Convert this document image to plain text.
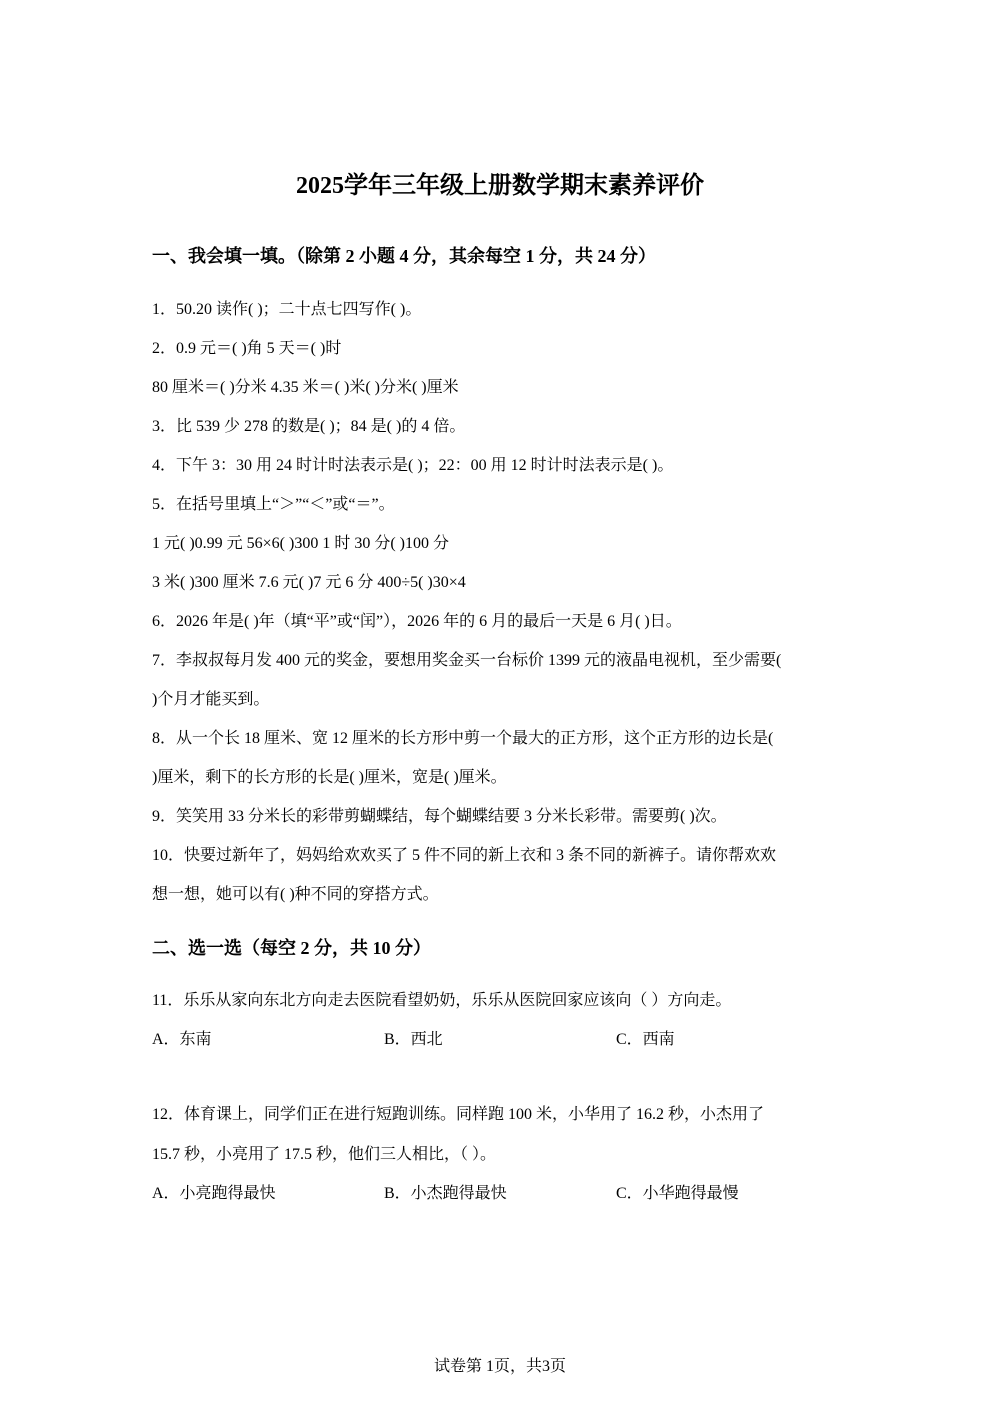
2025学年三年级上册数学期末素养评价
一、我会填一填。（除第 2 小题 4 分，其余每空 1 分，共 24 分）
1．50.20 读作( )；二十点七四写作( )。
2．0.9 元＝( )角 5 天＝( )时
80 厘米＝( )分米 4.35 米＝( )米( )分米( )厘米
3．比 539 少 278 的数是( )；84 是( )的 4 倍。
4．下午 3：30 用 24 时计时法表示是( )；22：00 用 12 时计时法表示是( )。
5．在括号里填上“＞”“＜”或“＝”。
1 元( )0.99 元 56×6( )300 1 时 30 分( )100 分
3 米( )300 厘米 7.6 元( )7 元 6 分 400÷5( )30×4
6．2026 年是( )年（填“平”或“闰”），2026 年的 6 月的最后一天是 6 月( )日。
7．李叔叔每月发 400 元的奖金，要想用奖金买一台标价 1399 元的液晶电视机，至少需要(
)个月才能买到。
8．从一个长 18 厘米、宽 12 厘米的长方形中剪一个最大的正方形，这个正方形的边长是(
)厘米，剩下的长方形的长是( )厘米，宽是( )厘米。
9．笑笑用 33 分米长的彩带剪蝴蝶结，每个蝴蝶结要 3 分米长彩带。需要剪( )次。
10．快要过新年了，妈妈给欢欢买了 5 件不同的新上衣和 3 条不同的新裤子。请你帮欢欢
想一想，她可以有( )种不同的穿搭方式。
二、选一选（每空 2 分，共 10 分）
11．乐乐从家向东北方向走去医院看望奶奶，乐乐从医院回家应该向（ ）方向走。
A．东南	B．西北	C．西南
12．体育课上，同学们正在进行短跑训练。同样跑 100 米，小华用了 16.2 秒，小杰用了
15.7 秒，小亮用了 17.5 秒，他们三人相比，（ ）。
A．小亮跑得最快	B．小杰跑得最快	C．小华跑得最慢
试卷第 1页，共3页
